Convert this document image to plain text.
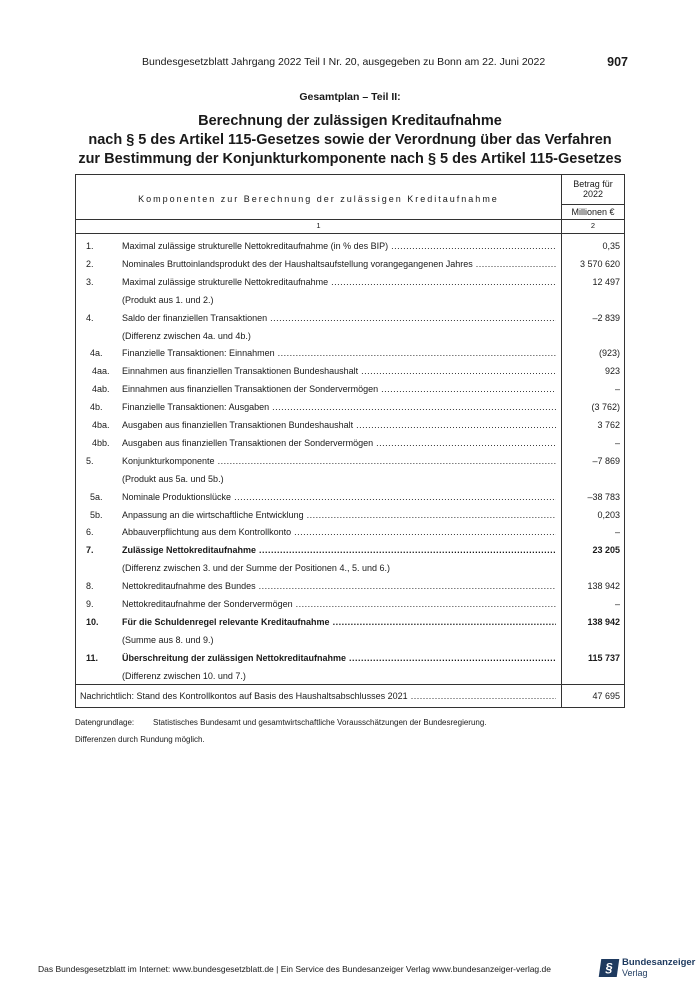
Bundesgesetzblatt Jahrgang 2022 Teil I Nr. 20, ausgegeben zu Bonn am 22. Juni 2022	907
Gesamtplan – Teil II:
Berechnung der zulässigen Kreditaufnahme
nach § 5 des Artikel 115-Gesetzes sowie der Verordnung über das Verfahren
zur Bestimmung der Konjunkturkomponente nach § 5 des Artikel 115-Gesetzes
Komponenten zur Berechnung der zulässigen Kreditaufnahme
Betrag für
2022
Millionen €
1	2
1.	Maximal zulässige strukturelle Nettokreditaufnahme (in % des BIP) .....	0,35
2.	Nominales Bruttoinlandsprodukt des der Haushaltsaufstellung vorangegangenen Jahres .....	3 570 620
3.	Maximal zulässige strukturelle Nettokreditaufnahme .....	12 497
(Produkt aus 1. und 2.)
4.	Saldo der finanziellen Transaktionen .....	–2 839
(Differenz zwischen 4a. und 4b.)
4a. Finanzielle Transaktionen: Einnahmen .....	(923)
4aa. Einnahmen aus finanziellen Transaktionen Bundeshaushalt .....	923
4ab. Einnahmen aus finanziellen Transaktionen der Sondervermögen .....	–
4b. Finanzielle Transaktionen: Ausgaben .....	(3 762)
4ba. Ausgaben aus finanziellen Transaktionen Bundeshaushalt .....	3 762
4bb. Ausgaben aus finanziellen Transaktionen der Sondervermögen .....	–
5.	Konjunkturkomponente .....	–7 869
(Produkt aus 5a. und 5b.)
5a. Nominale Produktionslücke .....	–38 783
5b. Anpassung an die wirtschaftliche Entwicklung .....	0,203
6.	Abbauverpflichtung aus dem Kontrollkonto .....	–
7.	Zulässige Nettokreditaufnahme .....	23 205
(Differenz zwischen 3. und der Summe der Positionen 4., 5. und 6.)
8.	Nettokreditaufnahme des Bundes .....	138 942
9.	Nettokreditaufnahme der Sondervermögen .....	–
10.	Für die Schuldenregel relevante Kreditaufnahme .....	138 942
(Summe aus 8. und 9.)
11.	Überschreitung der zulässigen Nettokreditaufnahme .....	115 737
(Differenz zwischen 10. und 7.)
Nachrichtlich: Stand des Kontrollkontos auf Basis des Haushaltsabschlusses 2021 .....	47 695
Datengrundlage: Statistisches Bundesamt und gesamtwirtschaftliche Vorausschätzungen der Bundesregierung.
Differenzen durch Rundung möglich.
Das Bundesgesetzblatt im Internet: www.bundesgesetzblatt.de | Ein Service des Bundesanzeiger Verlag www.bundesanzeiger-verlag.de	§ Bundesanzeiger
Verlag
